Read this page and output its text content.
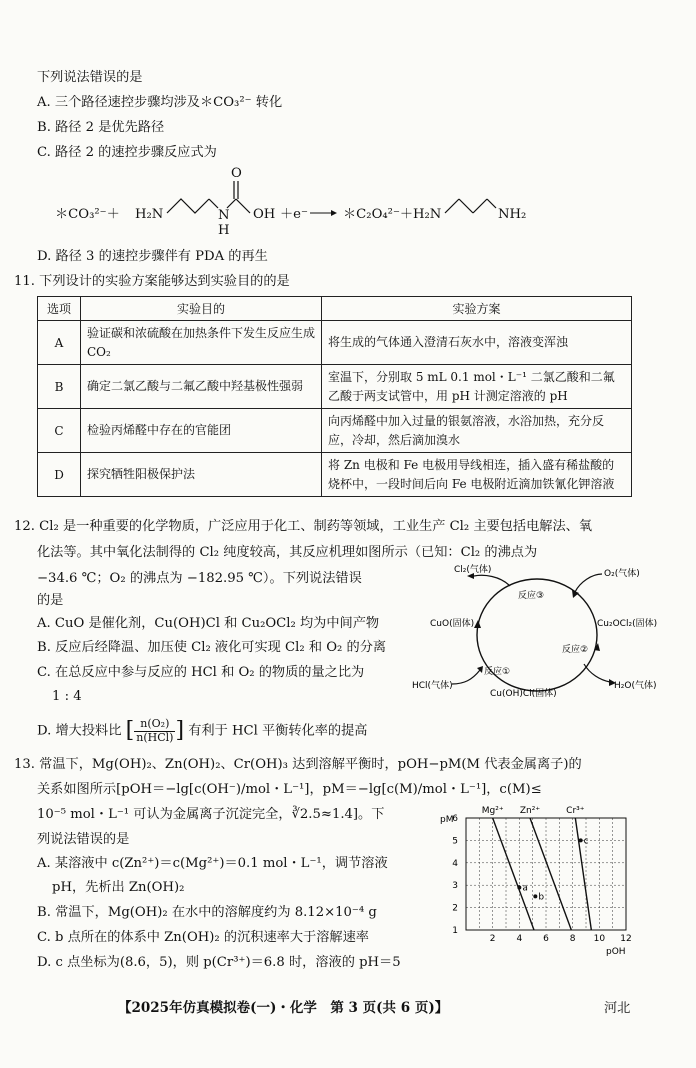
下列说法错误的是
A. 三个路径速控步骤均涉及＊CO₃²⁻ 转化
B. 路径 2 是优先路径
C. 路径 2 的速控步骤反应式为
＊CO₃²⁻＋ H₂N
O
N
H
OH ＋e⁻	＊C₂O₄²⁻＋ H₂N	NH₂
D. 路径 3 的速控步骤伴有 PDA 的再生
11. 下列设计的实验方案能够达到实验目的的是
选项	实验目的	实验方案
A	验证碳和浓硫酸在加热条件下发生反应生成 CO₂	将生成的气体通入澄清石灰水中，溶液变浑浊
B	确定二氯乙酸与二氟乙酸中羟基极性强弱	室温下，分别取 5 mL 0.1 mol・L⁻¹ 二氯乙酸和二氟乙酸于两支试管中，用 pH 计测定溶液的 pH
C	检验丙烯醛中存在的官能团	向丙烯醛中加入过量的银氨溶液，水浴加热，充分反应，冷却，然后滴加溴水
D	探究牺牲阳极保护法	将 Zn 电极和 Fe 电极用导线相连，插入盛有稀盐酸的烧杯中，一段时间后向 Fe 电极附近滴加铁氰化钾溶液
12. Cl₂ 是一种重要的化学物质，广泛应用于化工、制药等领域，工业生产 Cl₂ 主要包括电解法、氧
化法等。其中氧化法制得的 Cl₂ 纯度较高，其反应机理如图所示（已知：Cl₂ 的沸点为
−34.6 ℃；O₂ 的沸点为 −182.95 ℃）。下列说法错误
的是
A. CuO 是催化剂，Cu(OH)Cl 和 Cu₂OCl₂ 均为中间产物
B. 反应后经降温、加压使 Cl₂ 液化可实现 Cl₂ 和 O₂ 的分离
C. 在总反应中参与反应的 HCl 和 O₂ 的物质的量之比为
1 : 4
D. 增大投料比 [ $\frac{\text{n(O₂)}}{\text{n(HCl)}}$ ] 有利于 HCl 平衡转化率的提高
Cl₂(气体)	O₂(气体)
反应③
CuO(固体)	Cu₂OCl₂(固体)
反应②
反应①
HCl(气体)
Cu(OH)Cl(固体)
H₂O(气体)
13. 常温下，Mg(OH)₂、Zn(OH)₂、Cr(OH)₃ 达到溶解平衡时，pOH−pM(M 代表金属离子)的
关系如图所示[pOH＝−lg[c(OH⁻)/mol・L⁻¹]，pM＝−lg[c(M)/mol・L⁻¹]，c(M)≤
10⁻⁵ mol・L⁻¹ 可认为金属离子沉淀完全，∛2.5≈1.4]。下
列说法错误的是
A. 某溶液中 c(Zn²⁺)＝c(Mg²⁺)＝0.1 mol・L⁻¹，调节溶液
pH，先析出 Zn(OH)₂
B. 常温下，Mg(OH)₂ 在水中的溶解度约为 8.12×10⁻⁴ g
C. b 点所在的体系中 Zn(OH)₂ 的沉积速率大于溶解速率
D. c 点坐标为(8.6，5)，则 p(Cr³⁺)＝6.8 时，溶液的 pH＝5
1
2
3
4
5
6
2 4 6 8 10 12
pM
pOH
Mg²⁺ Zn²⁺	Cr³⁺
a
b
c
【2025年仿真模拟卷(一)・化学　第 3 页(共 6 页)】	河北
